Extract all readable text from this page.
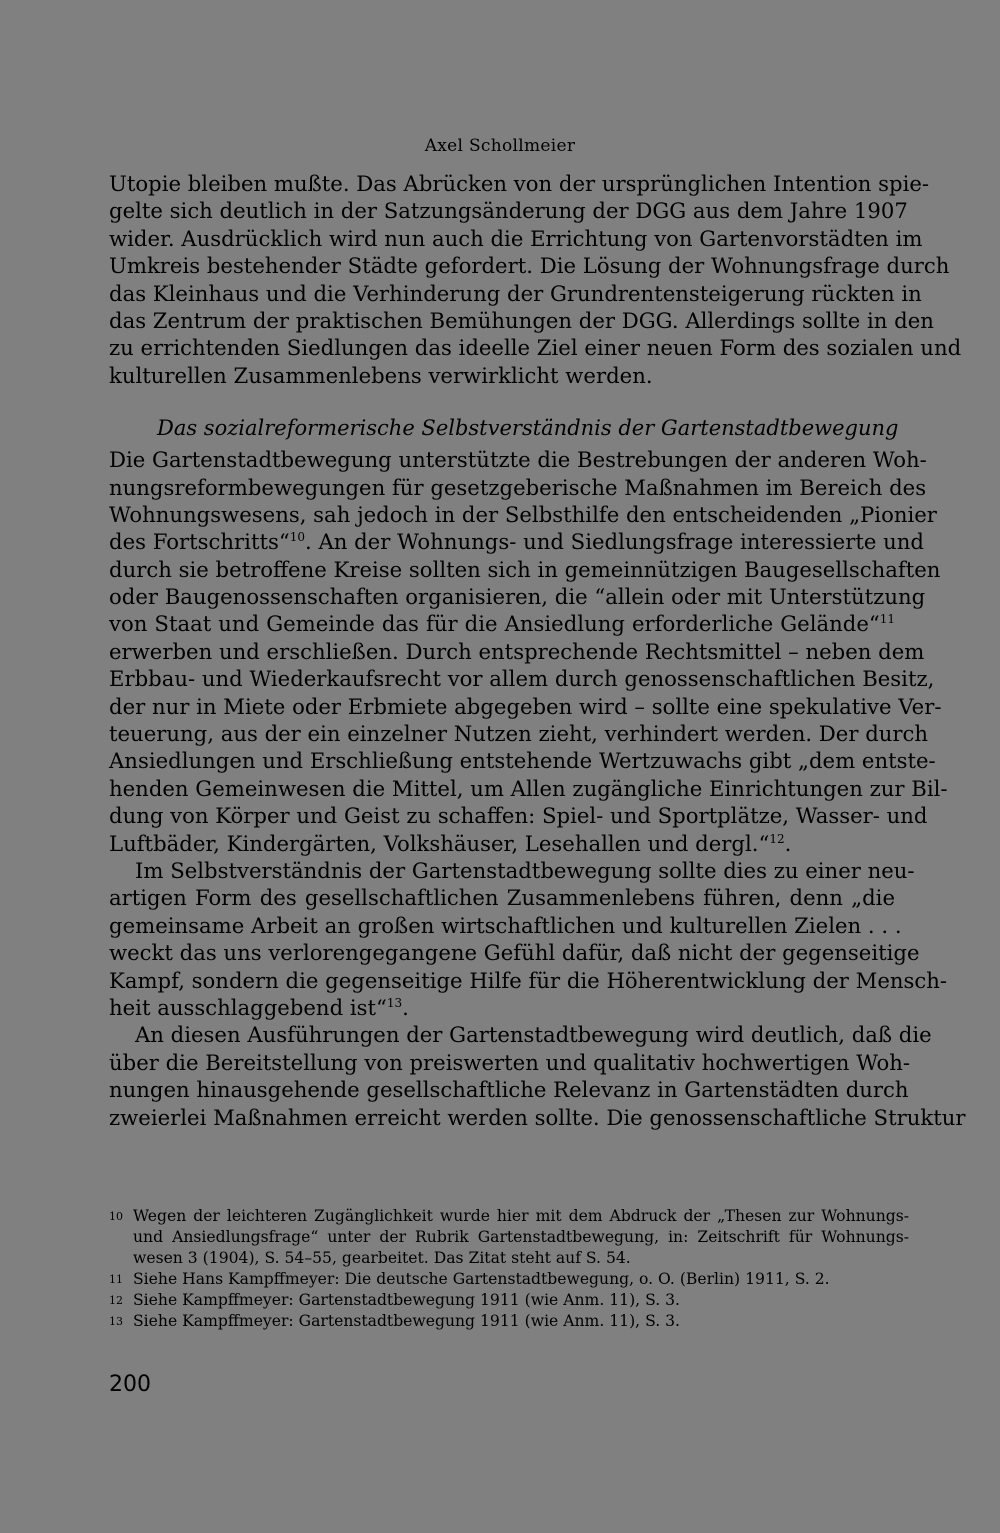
Axel Schollmeier
Utopie bleiben mußte. Das Abrücken von der ursprünglichen Intention spie-
gelte sich deutlich in der Satzungsänderung der DGG aus dem Jahre 1907
wider. Ausdrücklich wird nun auch die Errichtung von Gartenvorstädten im
Umkreis bestehender Städte gefordert. Die Lösung der Wohnungsfrage durch
das Kleinhaus und die Verhinderung der Grundrentensteigerung rückten in
das Zentrum der praktischen Bemühungen der DGG. Allerdings sollte in den
zu errichtenden Siedlungen das ideelle Ziel einer neuen Form des sozialen und
kulturellen Zusammenlebens verwirklicht werden.
Das sozialreformerische Selbstverständnis der Gartenstadtbewegung
Die Gartenstadtbewegung unterstützte die Bestrebungen der anderen Woh-
nungsreformbewegungen für gesetzgeberische Maßnahmen im Bereich des
Wohnungswesens, sah jedoch in der Selbsthilfe den entscheidenden „Pionier
des Fortschritts“$^{10}$. An der Wohnungs- und Siedlungsfrage interessierte und
durch sie betroffene Kreise sollten sich in gemeinnützigen Baugesellschaften
oder Baugenossenschaften organisieren, die “allein oder mit Unterstützung
von Staat und Gemeinde das für die Ansiedlung erforderliche Gelände“$^{11}$
erwerben und erschließen. Durch entsprechende Rechtsmittel – neben dem
Erbbau- und Wiederkaufsrecht vor allem durch genossenschaftlichen Besitz,
der nur in Miete oder Erbmiete abgegeben wird – sollte eine spekulative Ver-
teuerung, aus der ein einzelner Nutzen zieht, verhindert werden. Der durch
Ansiedlungen und Erschließung entstehende Wertzuwachs gibt „dem entste-
henden Gemeinwesen die Mittel, um Allen zugängliche Einrichtungen zur Bil-
dung von Körper und Geist zu schaffen: Spiel- und Sportplätze, Wasser- und
Luftbäder, Kindergärten, Volkshäuser, Lesehallen und dergl.“$^{12}$.
Im Selbstverständnis der Gartenstadtbewegung sollte dies zu einer neu-
artigen Form des gesellschaftlichen Zusammenlebens führen, denn „die
gemeinsame Arbeit an großen wirtschaftlichen und kulturellen Zielen . . .
weckt das uns verlorengegangene Gefühl dafür, daß nicht der gegenseitige
Kampf, sondern die gegenseitige Hilfe für die Höherentwicklung der Mensch-
heit ausschlaggebend ist“$^{13}$.
An diesen Ausführungen der Gartenstadtbewegung wird deutlich, daß die
über die Bereitstellung von preiswerten und qualitativ hochwertigen Woh-
nungen hinausgehende gesellschaftliche Relevanz in Gartenstädten durch
zweierlei Maßnahmen erreicht werden sollte. Die genossenschaftliche Struktur
10 Wegen der leichteren Zugänglichkeit wurde hier mit dem Abdruck der „Thesen zur Wohnungs-
und Ansiedlungsfrage“ unter der Rubrik Gartenstadtbewegung, in: Zeitschrift für Wohnungs-
wesen 3 (1904), S. 54–55, gearbeitet. Das Zitat steht auf S. 54.
11 Siehe Hans Kampffmeyer: Die deutsche Gartenstadtbewegung, o. O. (Berlin) 1911, S. 2.
12 Siehe Kampffmeyer: Gartenstadtbewegung 1911 (wie Anm. 11), S. 3.
13 Siehe Kampffmeyer: Gartenstadtbewegung 1911 (wie Anm. 11), S. 3.
200
